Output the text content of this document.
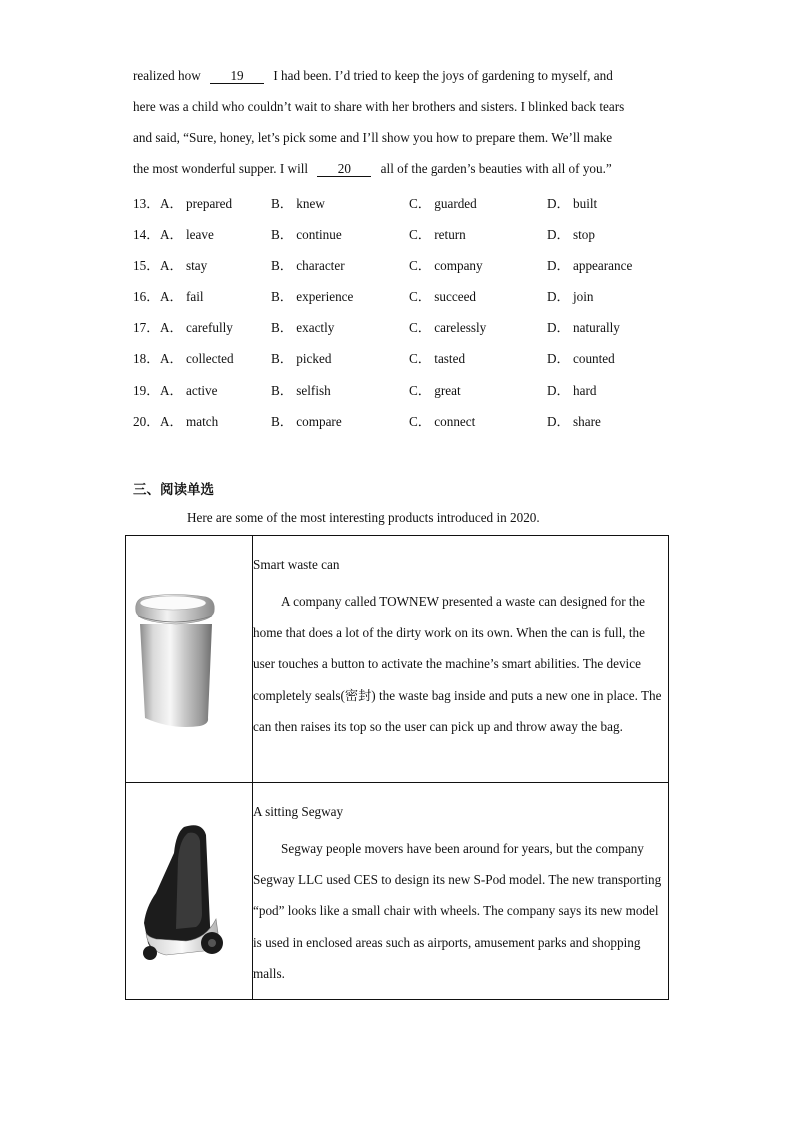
realized how 19 I had been. I’d tried to keep the joys of gardening to myself, and
here was a child who couldn’t wait to share with her brothers and sisters. I blinked back tears
and said, “Sure, honey, let’s pick some and I’ll show you how to prepare them. We’ll make
the most wonderful supper. I will 20 all of the garden’s beauties with all of you.”
13． A． prepared	B． knew	C． guarded	D． built
14． A． leave	B． continue	C． return	D． stop
15． A． stay	B． character	C． company	D． appearance
16． A． fail	B． experience	C． succeed	D． join
17． A． carefully	B． exactly	C． carelessly	D． naturally
18． A． collected	B． picked	C． tasted	D． counted
19． A． active	B． selfish	C． great	D． hard
20． A． match	B． compare	C． connect	D． share
三、阅读单选
Here are some of the most interesting products introduced in 2020.

Smart waste can
A company called TOWNEW presented a waste can designed for the home that does a lot of the dirty work on its own. When the can is full, the user touches a button to activate the machine’s smart abilities. The device completely seals(密封) the waste bag inside and puts a new one in place. The can then raises its top so the user can pick up and throw away the bag.

A sitting Segway
Segway people movers have been around for years, but the company Segway LLC used CES to design its new S-Pod model. The new transporting “pod” looks like a small chair with wheels. The company says its new model is used in enclosed areas such as airports, amusement parks and shopping malls.
